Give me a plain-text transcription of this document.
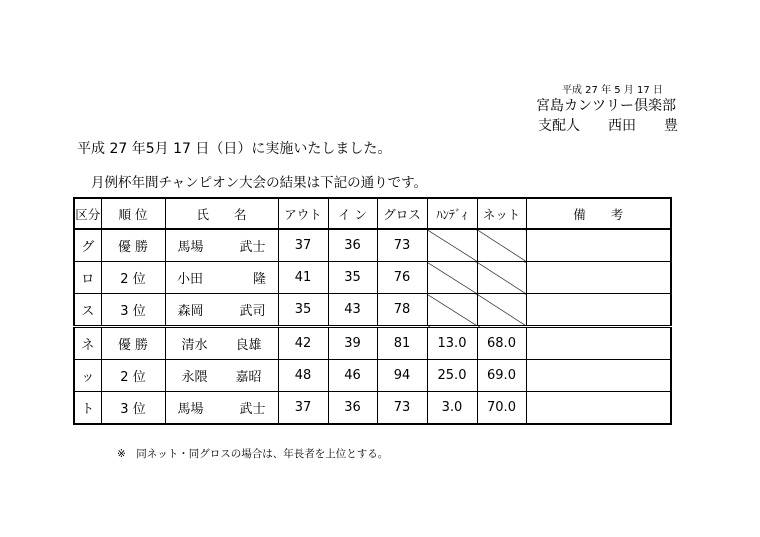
平成 27 年 5 月 17 日
宮島カンツリー倶楽部
支配人 西田 豊
平成 27 年5月 17 日（日）に実施いたしました。
月例杯年間チャンピオン大会の結果は下記の通りです。
区分	順 位	氏　　名	アウト	イ ン	グロス	ﾊﾝﾃﾞｨ	ネット	備　　考
グ	優 勝	馬場 武士	37	36	73			
ロ	2 位	小田 隆	41	35	76			
ス	3 位	森岡 武司	35	43	78			
ネ	優 勝	清水 良雄	42	39	81	13.0	68.0	
ッ	2 位	永隈 嘉昭	48	46	94	25.0	69.0	
ト	3 位	馬場 武士	37	36	73	3.0	70.0	
※　同ネット・同グロスの場合は、年長者を上位とする。
